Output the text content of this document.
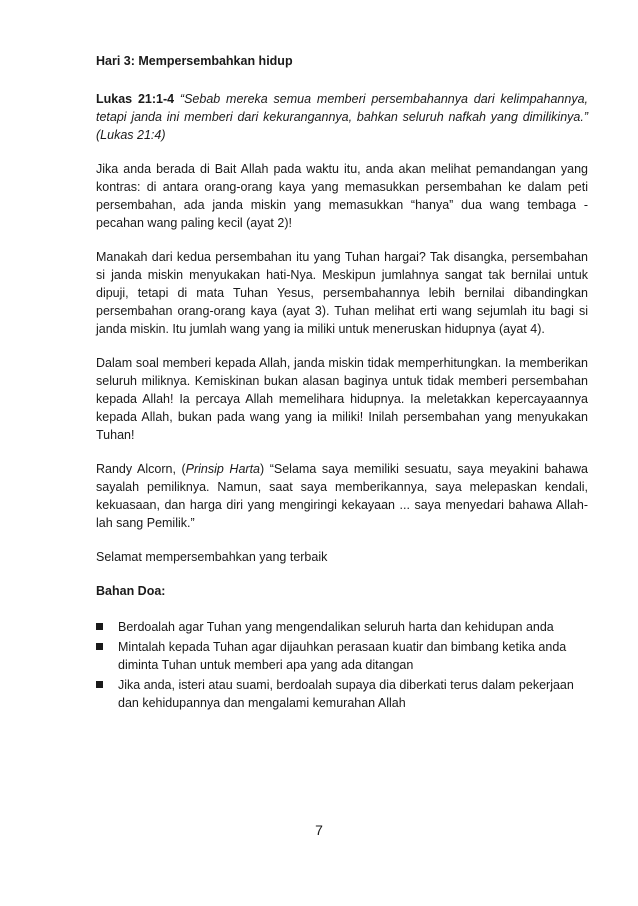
Hari 3: Mempersembahkan hidup

Lukas 21:1-4 “Sebab mereka semua memberi persembahannya dari kelimpahannya, tetapi janda ini memberi dari kekurangannya, bahkan seluruh nafkah yang dimilikinya.” (Lukas 21:4)

Jika anda berada di Bait Allah pada waktu itu, anda akan melihat pemandangan yang kontras: di antara orang-orang kaya yang memasukkan persembahan ke dalam peti persembahan, ada janda miskin yang memasukkan “hanya” dua wang tembaga - pecahan wang paling kecil (ayat 2)!

Manakah dari kedua persembahan itu yang Tuhan hargai? Tak disangka, persembahan si janda miskin menyukakan hati-Nya. Meskipun jumlahnya sangat tak bernilai untuk dipuji, tetapi di mata Tuhan Yesus, persembahannya lebih bernilai dibandingkan persembahan orang-orang kaya (ayat 3). Tuhan melihat erti wang sejumlah itu bagi si janda miskin. Itu jumlah wang yang ia miliki untuk meneruskan hidupnya (ayat 4).

Dalam soal memberi kepada Allah, janda miskin tidak memperhitungkan. Ia memberikan seluruh miliknya. Kemiskinan bukan alasan baginya untuk tidak memberi persembahan kepada Allah! Ia percaya Allah memelihara hidupnya. Ia meletakkan kepercayaannya kepada Allah, bukan pada wang yang ia miliki! Inilah persembahan yang menyukakan Tuhan!

Randy Alcorn, (Prinsip Harta) “Selama saya memiliki sesuatu, saya meyakini bahawa sayalah pemiliknya. Namun, saat saya memberikannya, saya melepaskan kendali, kekuasaan, dan harga diri yang mengiringi kekayaan ... saya menyedari bahawa Allah-lah sang Pemilik.”

Selamat mempersembahkan yang terbaik

Bahan Doa:
Berdoalah agar Tuhan yang mengendalikan seluruh harta dan kehidupan anda
Mintalah kepada Tuhan agar dijauhkan perasaan kuatir dan bimbang ketika anda diminta Tuhan untuk memberi apa yang ada ditangan
Jika anda, isteri atau suami, berdoalah supaya dia diberkati terus dalam pekerjaan dan kehidupannya dan mengalami kemurahan Allah
7
